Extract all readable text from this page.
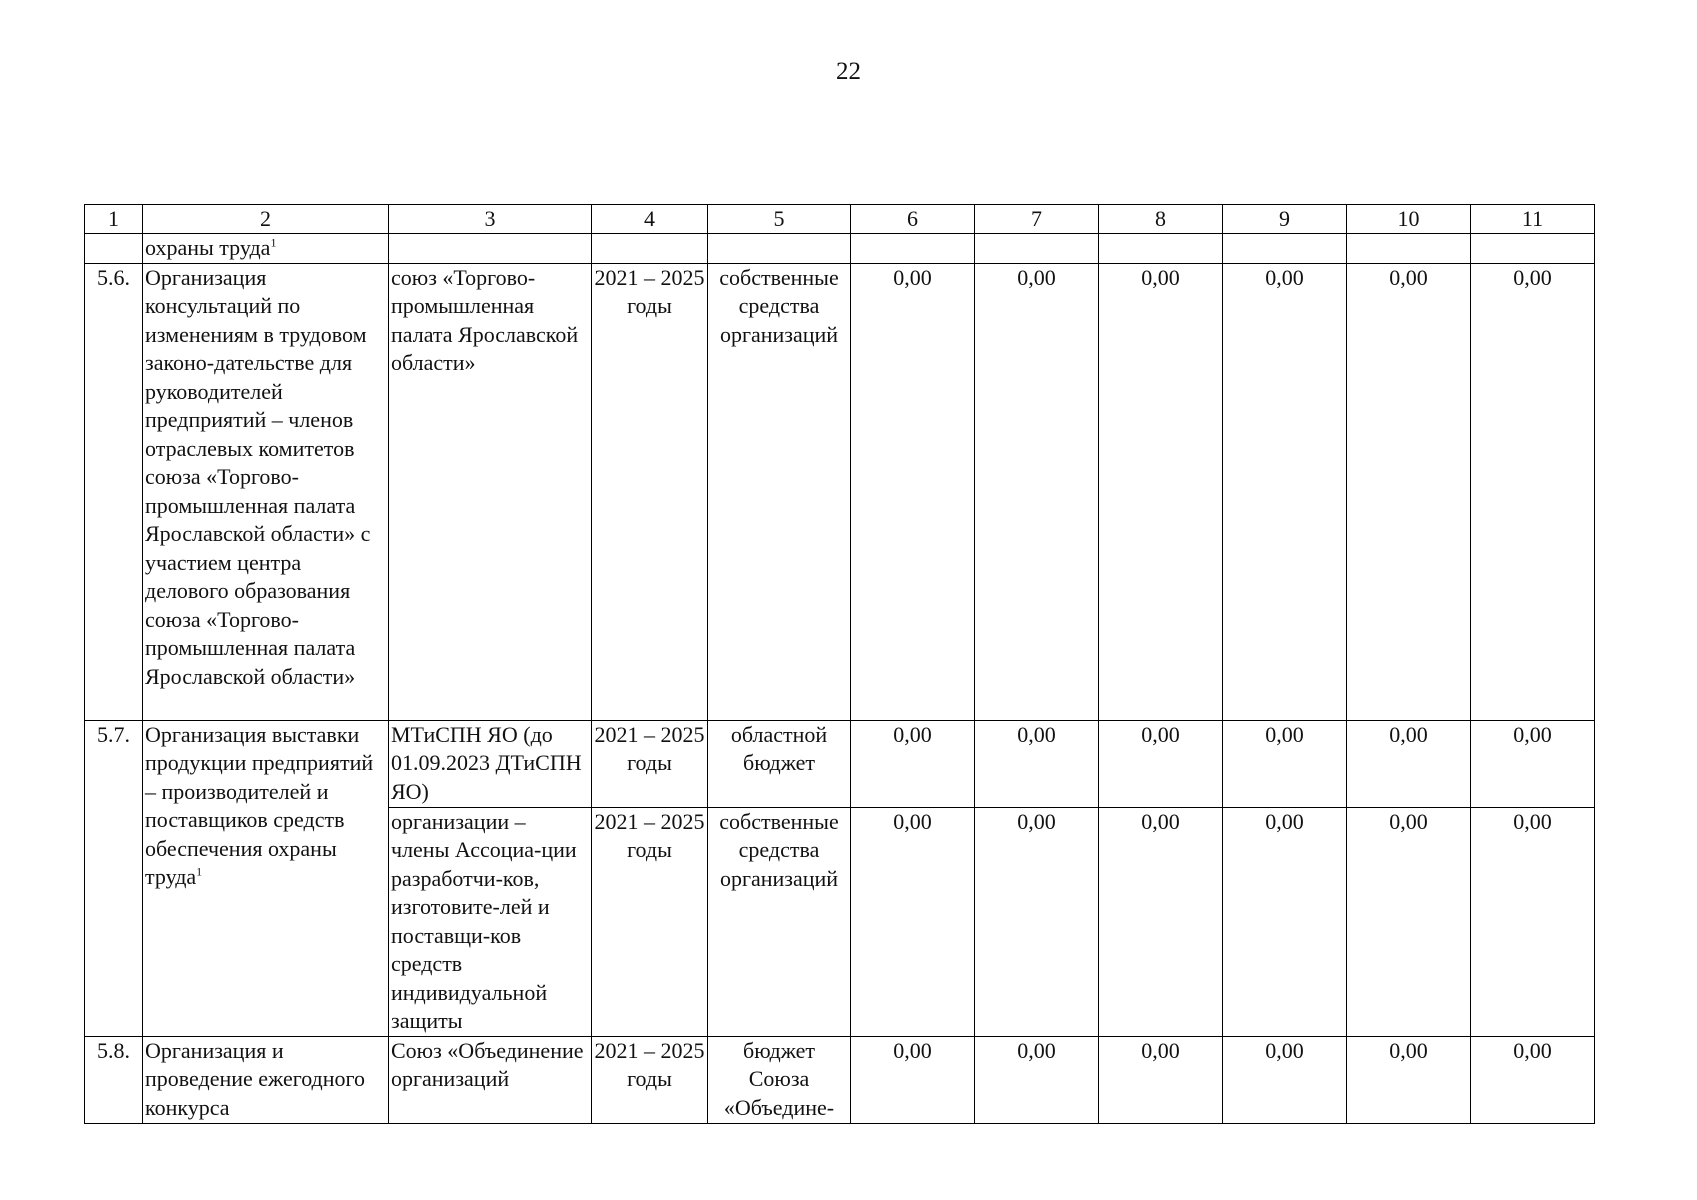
22
1	2	3	4	5	6	7	8	9	10	11
	охраны труда$^1$									
5.6.	Организация консультаций по изменениям в трудовом законо-дательстве для руководителей предприятий – членов отраслевых комитетов союза «Торгово-промышленная палата Ярославской области» с участием центра делового образования союза «Торгово-промышленная палата Ярославской области»	союз «Торгово-промышленная палата Ярославской области»	2021 – 2025 годы	собственные средства организаций	0,00	0,00	0,00	0,00	0,00	0,00
5.7.	Организация выставки продукции предприятий – производителей и поставщиков средств обеспечения охраны труда$^1$	МТиСПН ЯО (до 01.09.2023 ДТиСПН ЯО)	2021 – 2025 годы	областной бюджет	0,00	0,00	0,00	0,00	0,00	0,00
		организации – члены Ассоциа-ции разработчи-ков, изготовите-лей и поставщи-ков средств индивидуальной защиты	2021 – 2025 годы	собственные средства организаций	0,00	0,00	0,00	0,00	0,00	0,00
5.8.	Организация и проведение ежегодного конкурса	Союз «Объединение организаций	2021 – 2025 годы	бюджет Союза «Объедине-	0,00	0,00	0,00	0,00	0,00	0,00
